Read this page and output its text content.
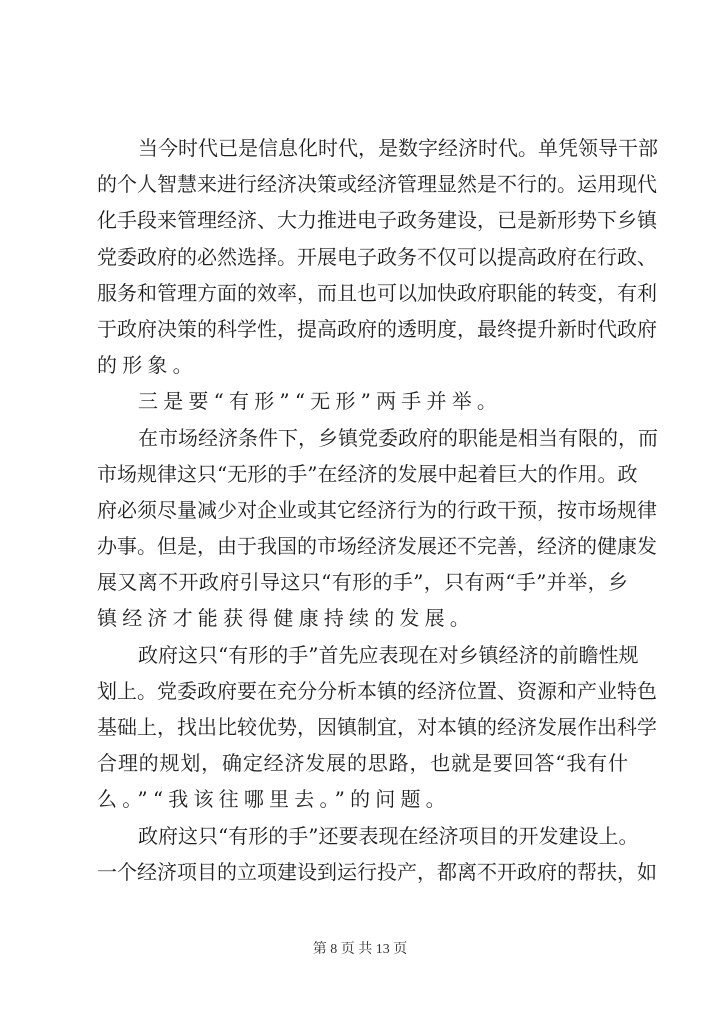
当今时代已是信息化时代，是数字经济时代。单凭领导干部
的个人智慧来进行经济决策或经济管理显然是不行的。运用现代
化手段来管理经济、大力推进电子政务建设，已是新形势下乡镇
党委政府的必然选择。开展电子政务不仅可以提高政府在行政、
服务和管理方面的效率，而且也可以加快政府职能的转变，有利
于政府决策的科学性，提高政府的透明度，最终提升新时代政府
的形象。
三是要“有形”“无形”两手并举。
在市场经济条件下，乡镇党委政府的职能是相当有限的，而
市场规律这只“无形的手”在经济的发展中起着巨大的作用。政
府必须尽量减少对企业或其它经济行为的行政干预，按市场规律
办事。但是，由于我国的市场经济发展还不完善，经济的健康发
展又离不开政府引导这只“有形的手”，只有两“手”并举，乡
镇经济才能获得健康持续的发展。
政府这只“有形的手”首先应表现在对乡镇经济的前瞻性规
划上。党委政府要在充分分析本镇的经济位置、资源和产业特色
基础上，找出比较优势，因镇制宜，对本镇的经济发展作出科学
合理的规划，确定经济发展的思路，也就是要回答“我有什
么。”“我该往哪里去。”的问题。
政府这只“有形的手”还要表现在经济项目的开发建设上。
一个经济项目的立项建设到运行投产，都离不开政府的帮扶，如
第 8 页 共 13 页
